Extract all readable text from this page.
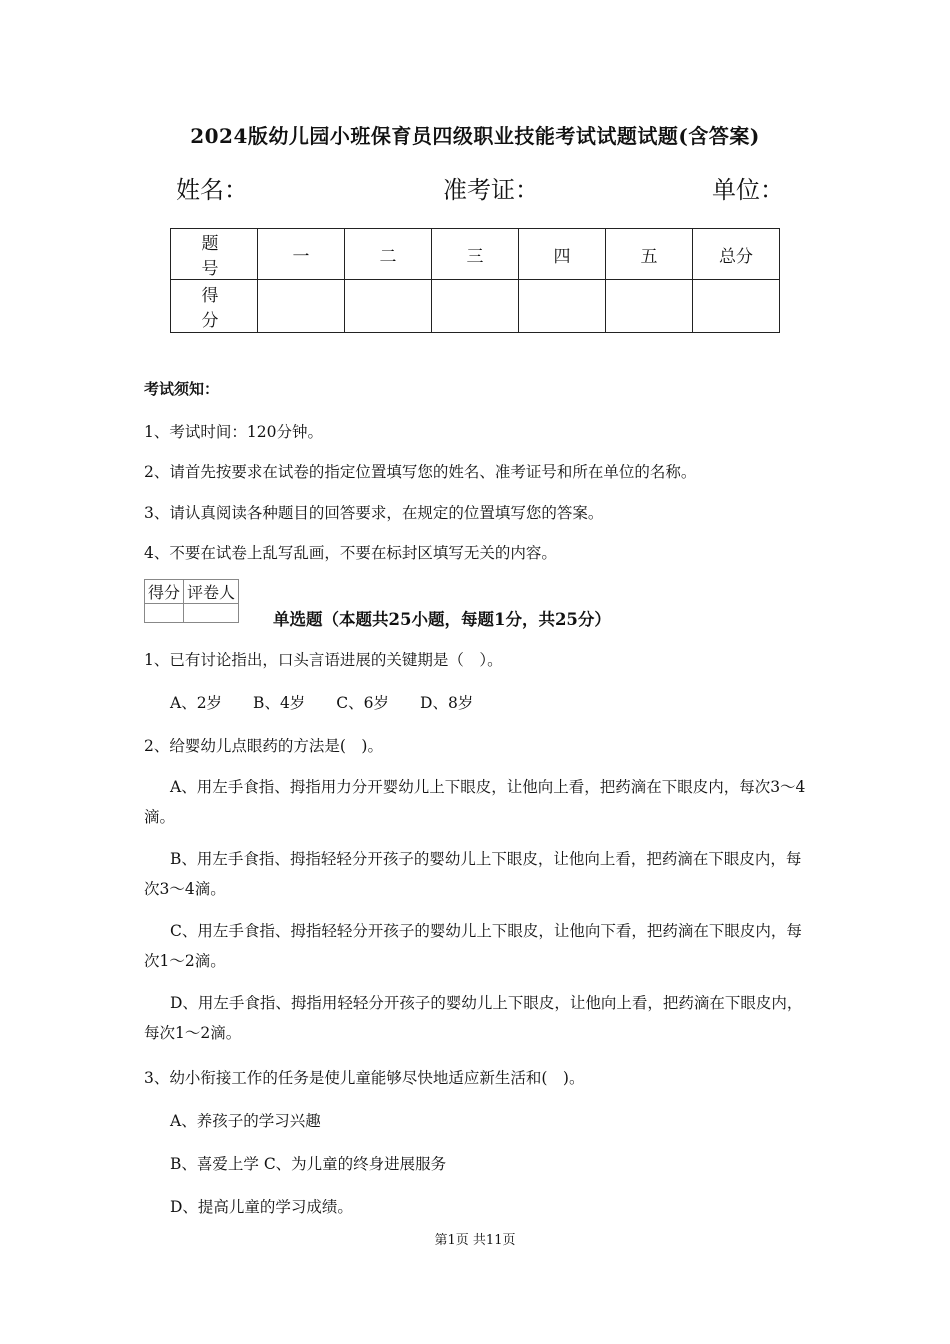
2024版幼儿园小班保育员四级职业技能考试试题试题(含答案)
姓名：	准考证：	单位：
题 号	一	二	三	四	五	总分
得 分						
考试须知：
1、考试时间：120分钟。
2、请首先按要求在试卷的指定位置填写您的姓名、准考证号和所在单位的名称。
3、请认真阅读各种题目的回答要求，在规定的位置填写您的答案。
4、不要在试卷上乱写乱画，不要在标封区填写无关的内容。
得分	评卷人

单选题（本题共25小题，每题1分，共25分）
1、已有讨论指出，口头言语进展的关键期是（　）。
A、2岁　　B、4岁　　C、6岁　　D、8岁
2、给婴幼儿点眼药的方法是(　)。
A、用左手食指、拇指用力分开婴幼儿上下眼皮，让他向上看，把药滴在下眼皮内，每次3～4滴。
B、用左手食指、拇指轻轻分开孩子的婴幼儿上下眼皮，让他向上看，把药滴在下眼皮内，每次3～4滴。
C、用左手食指、拇指轻轻分开孩子的婴幼儿上下眼皮，让他向下看，把药滴在下眼皮内，每次1～2滴。
D、用左手食指、拇指用轻轻分开孩子的婴幼儿上下眼皮，让他向上看，把药滴在下眼皮内，每次1～2滴。
3、幼小衔接工作的任务是使儿童能够尽快地适应新生活和(　)。
A、养孩子的学习兴趣
B、喜爱上学 C、为儿童的终身进展服务
D、提高儿童的学习成绩。
第1页 共11页
